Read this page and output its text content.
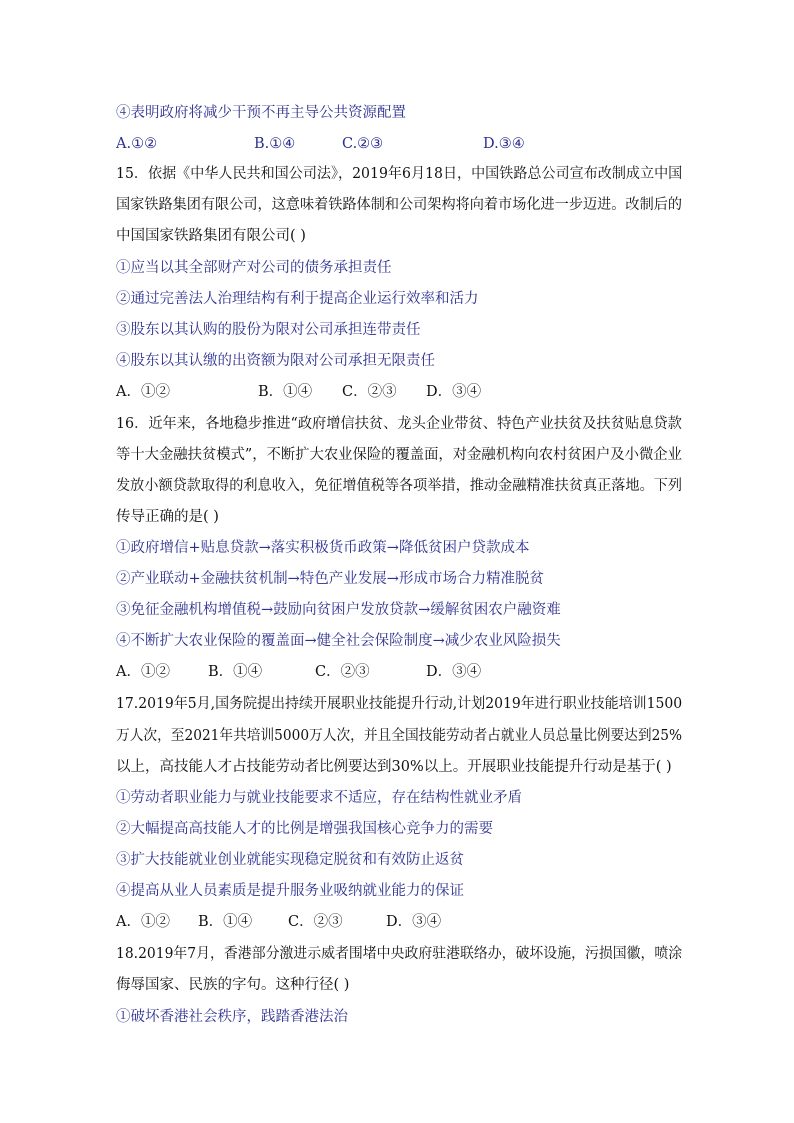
④表明政府将减少干预不再主导公共资源配置
A.①②	B.①④	C.②③	D.③④
15．依据《中华人民共和国公司法》，2019年6月18日，中国铁路总公司宣布改制成立中国
国家铁路集团有限公司，这意味着铁路体制和公司架构将向着市场化进一步迈进。改制后的
中国国家铁路集团有限公司( )
①应当以其全部财产对公司的债务承担责任
②通过完善法人治理结构有利于提高企业运行效率和活力
③股东以其认购的股份为限对公司承担连带责任
④股东以其认缴的出资额为限对公司承担无限责任
A．①②	B．①④ C．②③ D．③④
16．近年来，各地稳步推进“政府增信扶贫、龙头企业带贫、特色产业扶贫及扶贫贴息贷款
等十大金融扶贫模式”，不断扩大农业保险的覆盖面，对金融机构向农村贫困户及小微企业
发放小额贷款取得的利息收入，免征增值税等各项举措，推动金融精准扶贫真正落地。下列
传导正确的是( )
①政府增信+贴息贷款→落实积极货币政策→降低贫困户贷款成本
②产业联动+金融扶贫机制→特色产业发展→形成市场合力精准脱贫
③免征金融机构增值税→鼓励向贫困户发放贷款→缓解贫困农户融资难
④不断扩大农业保险的覆盖面→健全社会保险制度→减少农业风险损失
A．①②	B．①④	C．②③	D．③④
17.2019年5月,国务院提出持续开展职业技能提升行动,计划2019年进行职业技能培训1500
万人次，至2021年共培训5000万人次，并且全国技能劳动者占就业人员总量比例要达到25%
以上，高技能人才占技能劳动者比例要达到30%以上。开展职业技能提升行动是基于( )
①劳动者职业能力与就业技能要求不适应，存在结构性就业矛盾
②大幅提高高技能人才的比例是增强我国核心竞争力的需要
③扩大技能就业创业就能实现稳定脱贫和有效防止返贫
④提高从业人员素质是提升服务业吸纳就业能力的保证
A．①② B．①④ C．②③	D．③④
18.2019年7月，香港部分激进示威者围堵中央政府驻港联络办，破坏设施，污损国徽，喷涂
侮辱国家、民族的字句。这种行径( )
①破坏香港社会秩序，践踏香港法治
